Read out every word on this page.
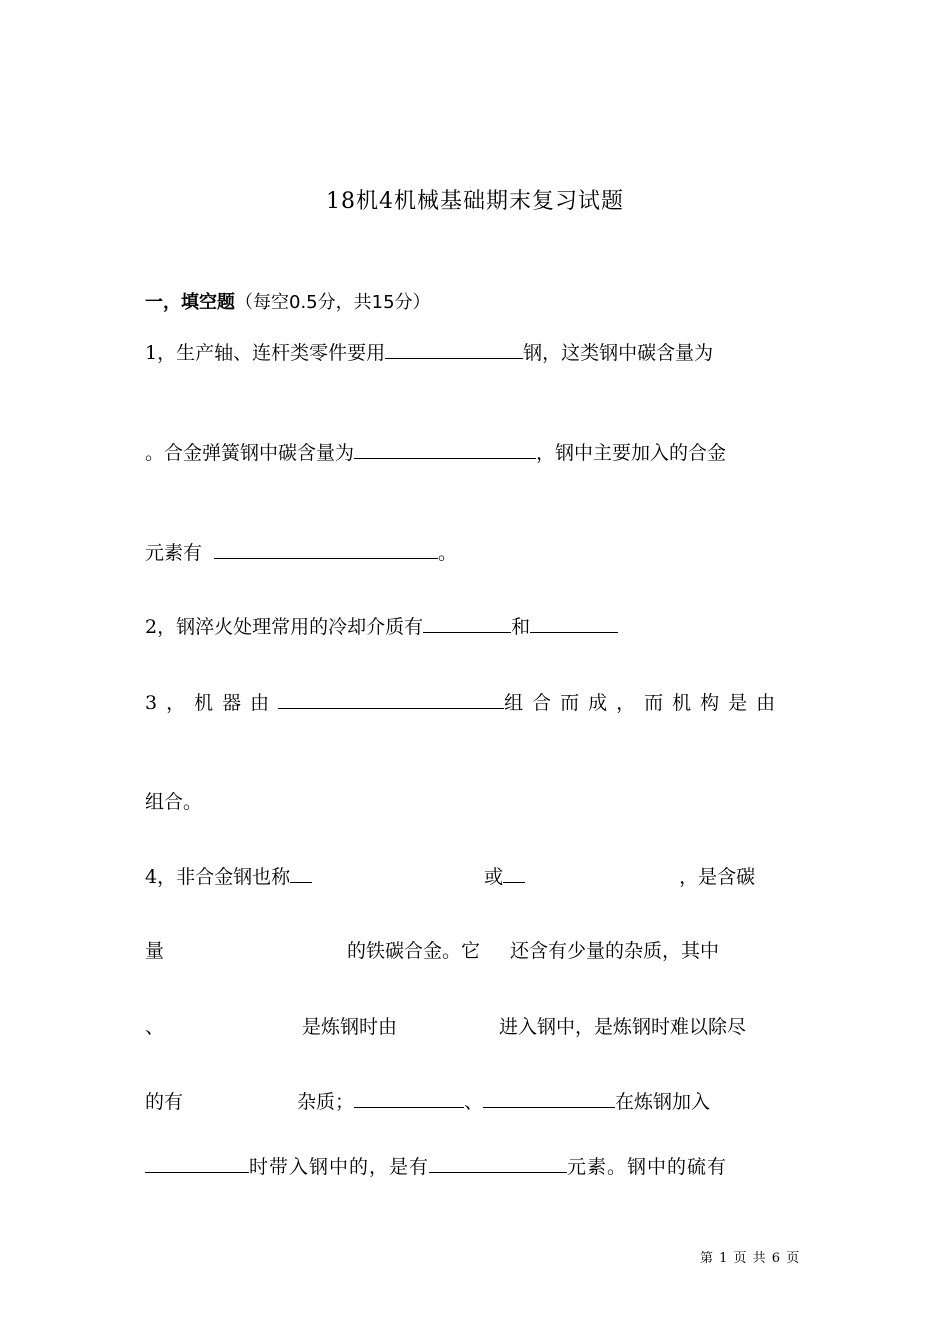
18机4机械基础期末复习试题
一，填空题（每空0.5分，共15分）
1，生产轴、连杆类零件要用	钢，这类钢中碳含量为
。合金弹簧钢中碳含量为	，钢中主要加入的合金
元素有	。
2，钢淬火处理常用的冷却介质有	和
3，机器由	组合而成，而机构是由
组合。
4，非合金钢也称	或	，是含碳
量	的铁碳合金。它 还含有少量的杂质，其中
、	是炼钢时由	进入钢中，是炼钢时难以除尽
的有	杂质；	、	在炼钢加入
时带入钢中的，是有	元素。钢中的硫有
第 1 页 共 6 页
